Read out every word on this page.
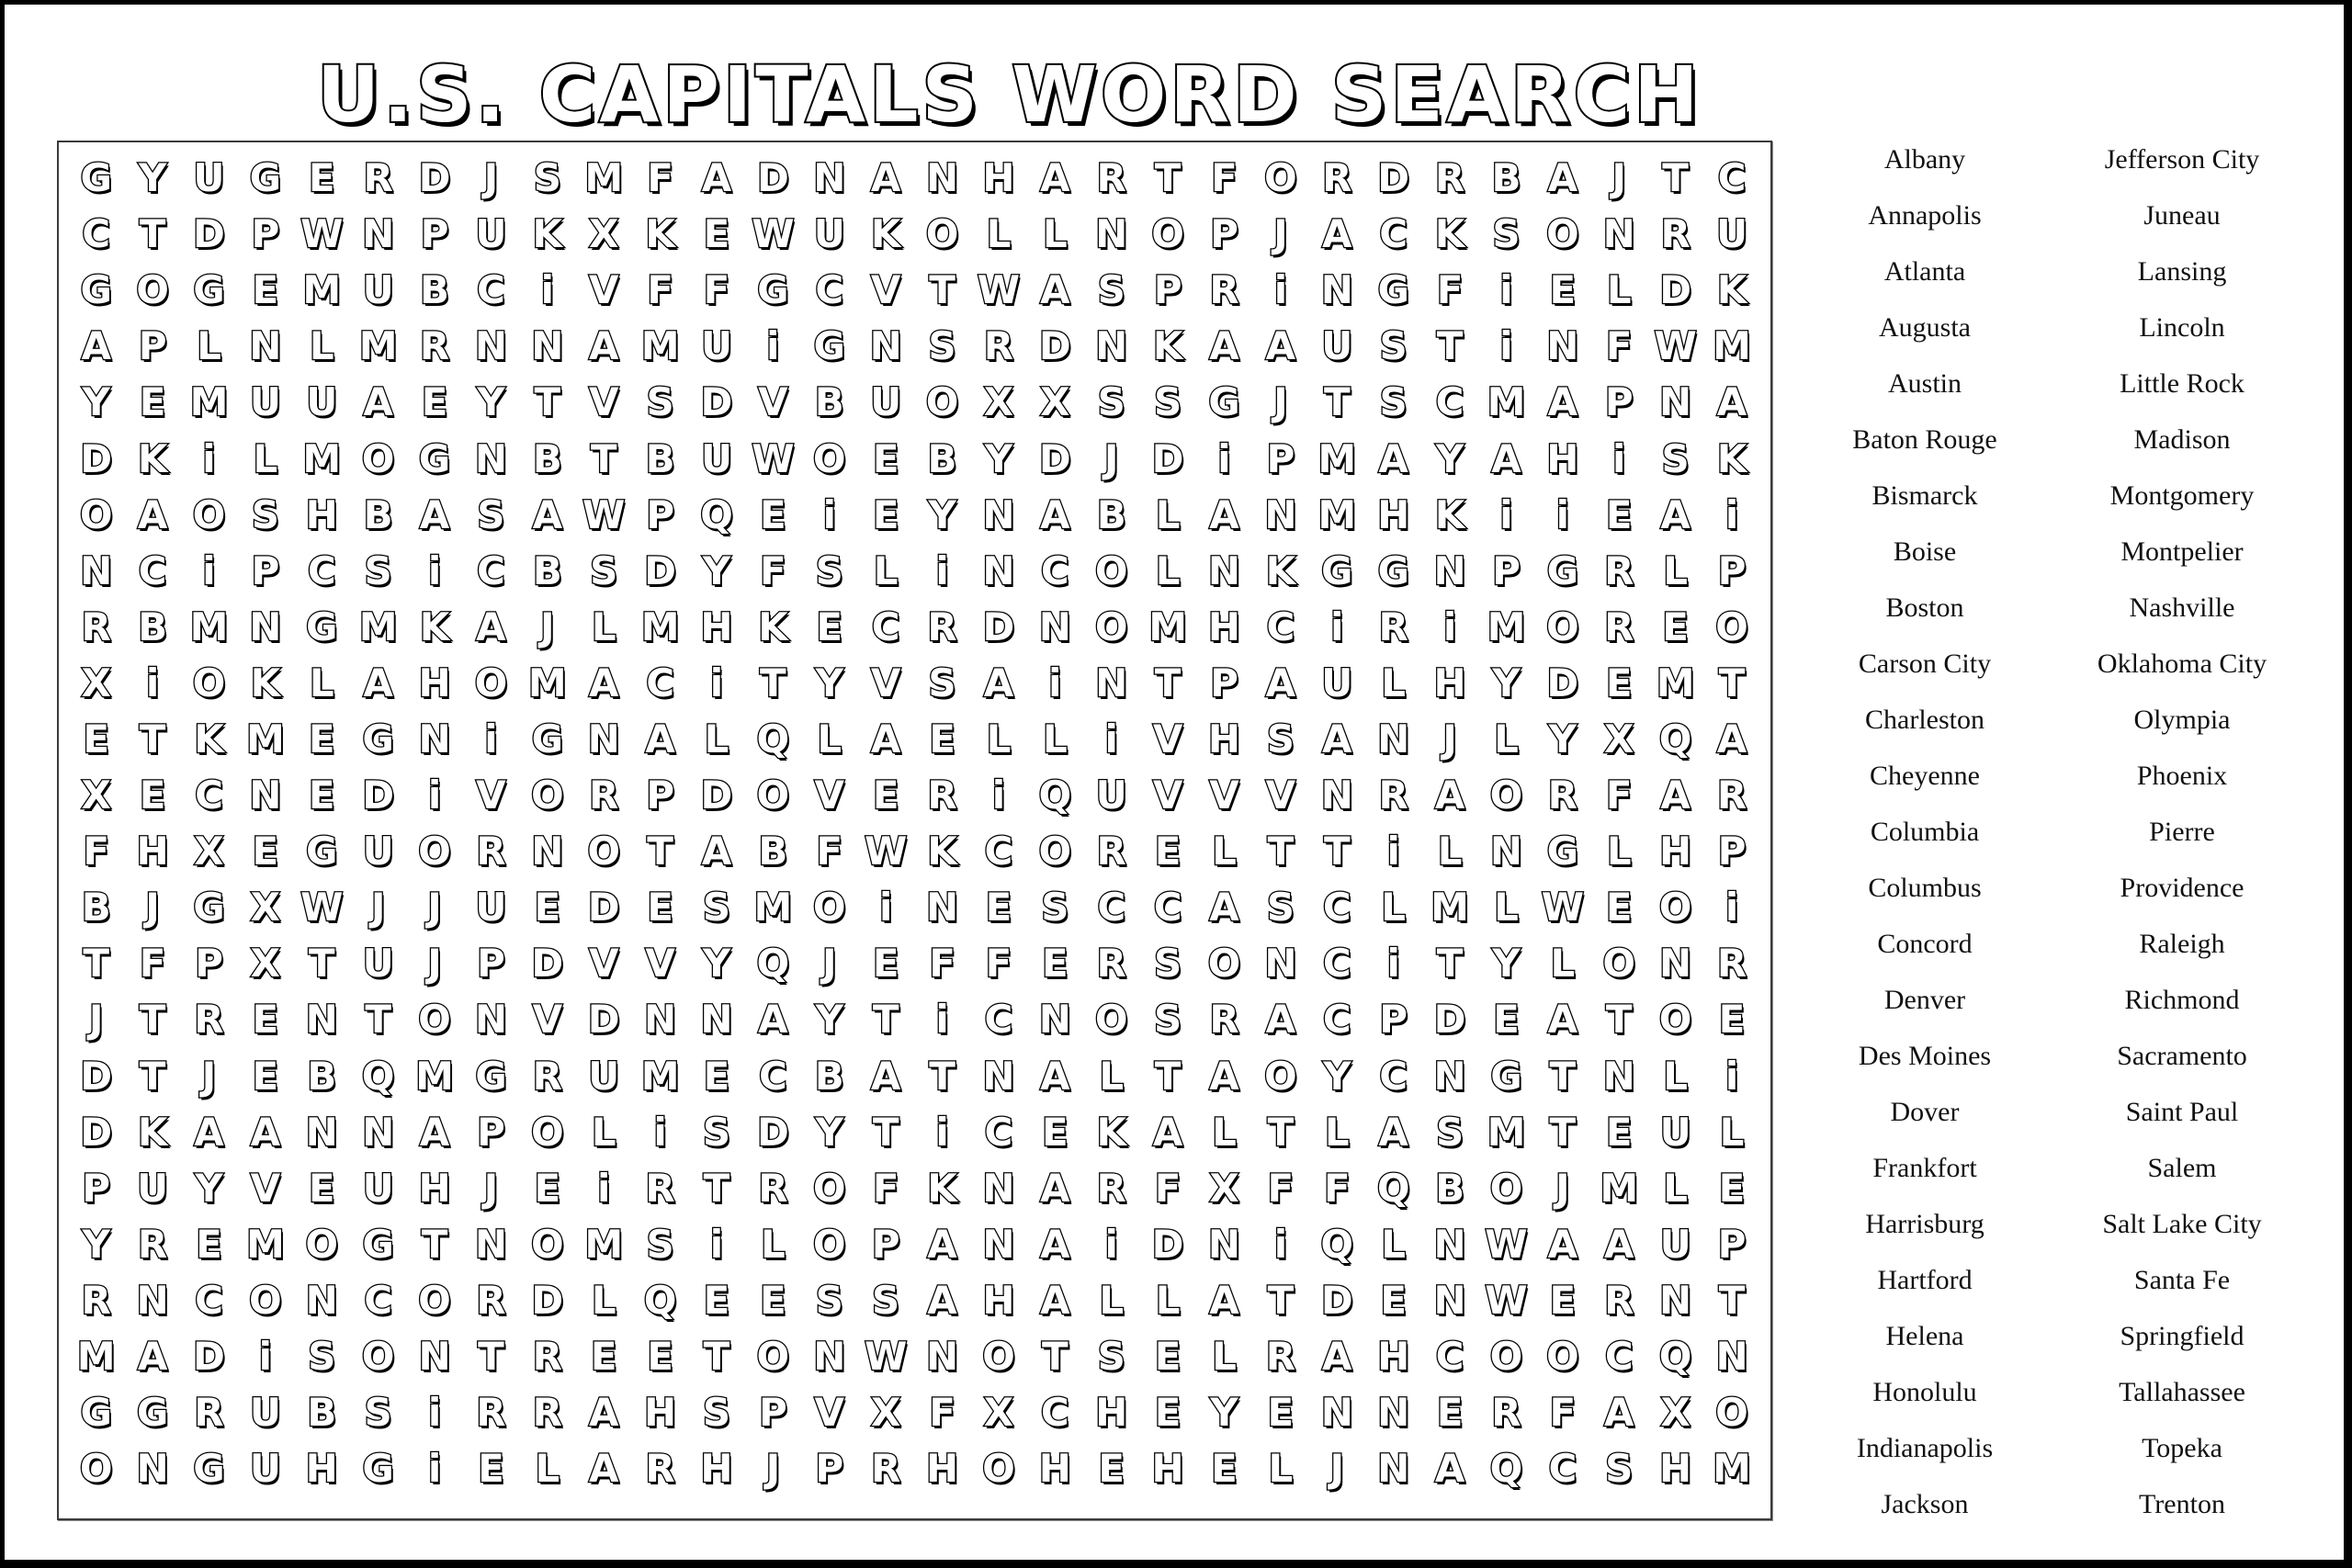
U.S. CAPITALS WORD SEARCH
G Y U G E R D J S M F A D N A N H A R T F O R D R B A J T C
C T D P W N P U K X K E W U K O L L N O P J A C K S O N R U
G O G E M U B C i V F F G C V T W A S P R i N G F i E L D K
A P L N L M R N N A M U i G N S R D N K A A U S T i N F W M
Y E M U U A E Y T V S D V B U O X X S S G J T S C M A P N A
D K i L M O G N B T B U W O E B Y D J D i P M A Y A H i S K
O A O S H B A S A W P Q E i E Y N A B L A N M H K i	i E A i
N C i P C S i C B S D Y F S L i N C O L N K G G N P G R L P
R B M N G M K A J L M H K E C R D N O M H C i R i M O R E O
X i O K L A H O M A C i T Y V S A i N T P A U L H Y D E M T
E T K M E G N i G N A L Q L A E L L i V H S A N J L Y X Q A
X E C N E D i V O R P D O V E R i Q U V V V N R A O R F A R
F H X E G U O R N O T A B F W K C O R E L T T i L N G L H P
B J G X W J	J U E D E S M O i N E S C C A S C L M L W E O i
T F P X T U J P D V V Y Q J E F F E R S O N C i T Y L O N R
J T R E N T O N V D N N A Y T i C N O S R A C P D E A T O E
D T J E B Q M G R U M E C B A T N A L T A O Y C N G T N L i
D K A A N N A P O L i S D Y T i C E K A L T L A S M T E U L
P U Y V E U H J E i R T R O F K N A R F X F F Q B O J M L E
Y R E M O G T N O M S i L O P A N A i D N i Q L N W A A U P
R N C O N C O R D L Q E E S S A H A L L A T D E N W E R N T
M A D i S O N T R E E T O N W N O T S E L R A H C O O C Q N
G G R U B S i R R A H S P V X F X C H E Y E N N E R F A X O
O N G U H G i E L A R H J P R H O H E H E L J N A Q C S H M
Albany
Annapolis
Atlanta
Augusta
Austin
Baton Rouge
Bismarck
Boise
Boston
Carson City
Charleston
Cheyenne
Columbia
Columbus
Concord
Denver
Des Moines
Dover
Frankfort
Harrisburg
Hartford
Helena
Honolulu
Indianapolis
Jackson
Jefferson City
Juneau
Lansing
Lincoln
Little Rock
Madison
Montgomery
Montpelier
Nashville
Oklahoma City
Olympia
Phoenix
Pierre
Providence
Raleigh
Richmond
Sacramento
Saint Paul
Salem
Salt Lake City
Santa Fe
Springfield
Tallahassee
Topeka
Trenton
